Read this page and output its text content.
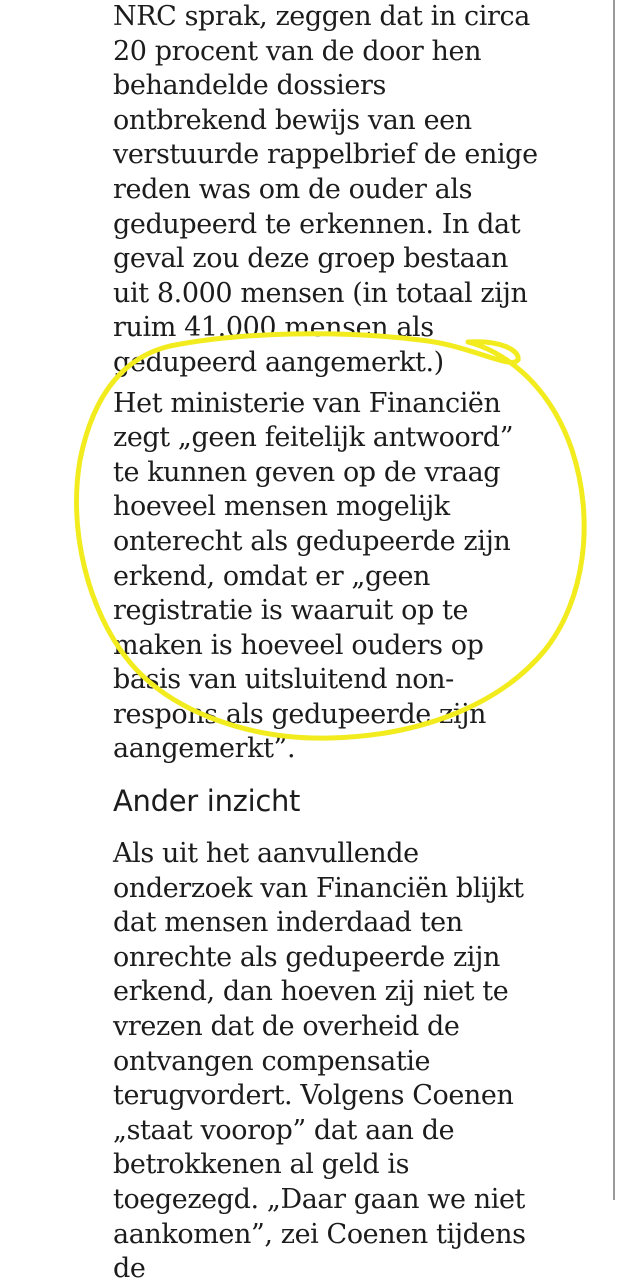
NRC sprak, zeggen dat in circa
20 procent van de door hen
behandelde dossiers
ontbrekend bewijs van een
verstuurde rappelbrief de enige
reden was om de ouder als
gedupeerd te erkennen. In dat
geval zou deze groep bestaan
uit 8.000 mensen (in totaal zijn
ruim 41.000 mensen als
gedupeerd aangemerkt.)
Het ministerie van Financiën
zegt „geen feitelijk antwoord”
te kunnen geven op de vraag
hoeveel mensen mogelijk
onterecht als gedupeerde zijn
erkend, omdat er „geen
registratie is waaruit op te
maken is hoeveel ouders op
basis van uitsluitend non-
respons als gedupeerde zijn
aangemerkt”.
Ander inzicht
Als uit het aanvullende
onderzoek van Financiën blijkt
dat mensen inderdaad ten
onrechte als gedupeerde zijn
erkend, dan hoeven zij niet te
vrezen dat de overheid de
ontvangen compensatie
terugvordert. Volgens Coenen
„staat voorop” dat aan de
betrokkenen al geld is
toegezegd. „Daar gaan we niet
aankomen”, zei Coenen tijdens
de
